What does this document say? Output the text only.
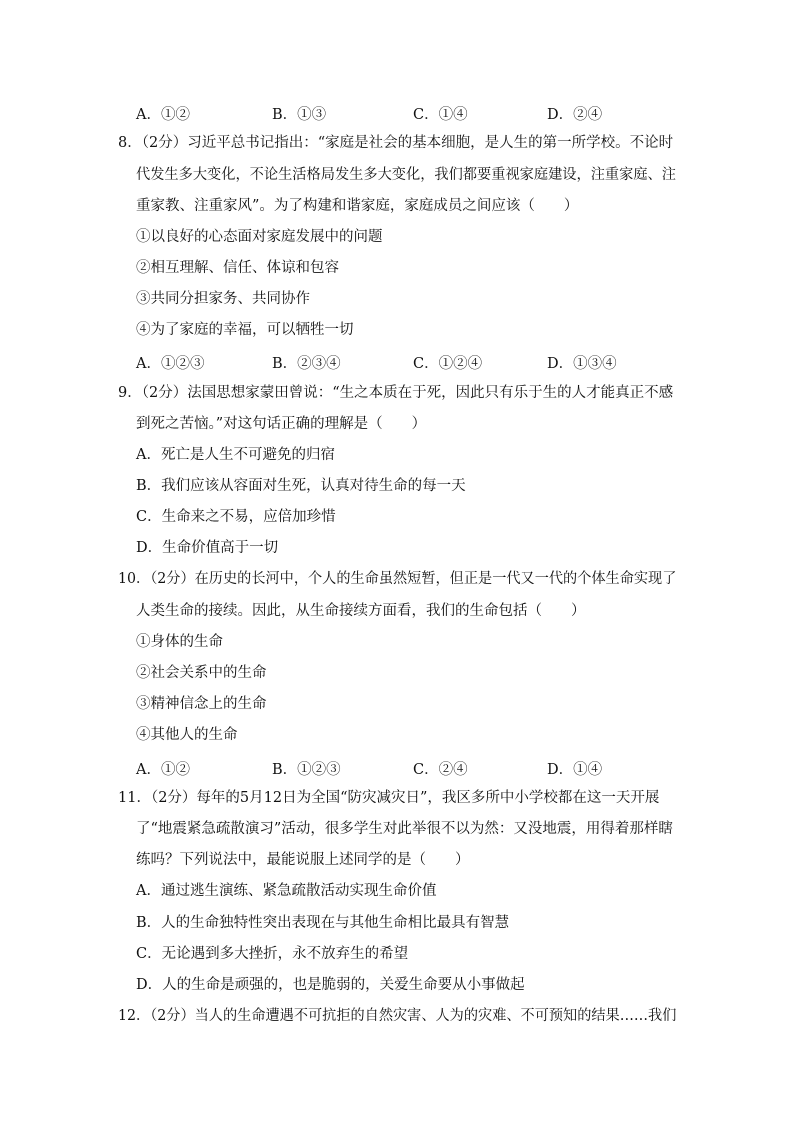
A．①②	B．①③	C．①④	D．②④
8．（2分）习近平总书记指出：“家庭是社会的基本细胞，是人生的第一所学校。不论时
代发生多大变化，不论生活格局发生多大变化，我们都要重视家庭建设，注重家庭、注
重家教、注重家风”。为了构建和谐家庭，家庭成员之间应该（　　）
①以良好的心态面对家庭发展中的问题
②相互理解、信任、体谅和包容
③共同分担家务、共同协作
④为了家庭的幸福，可以牺牲一切
A．①②③	B．②③④	C．①②④	D．①③④
9．（2分）法国思想家蒙田曾说：“生之本质在于死，因此只有乐于生的人才能真正不感
到死之苦恼。”对这句话正确的理解是（　　）
A．死亡是人生不可避免的归宿
B．我们应该从容面对生死，认真对待生命的每一天
C．生命来之不易，应倍加珍惜
D．生命价值高于一切
10．（2分）在历史的长河中，个人的生命虽然短暂，但正是一代又一代的个体生命实现了
人类生命的接续。因此，从生命接续方面看，我们的生命包括（　　）
①身体的生命
②社会关系中的生命
③精神信念上的生命
④其他人的生命
A．①②	B．①②③	C．②④	D．①④
11．（2分）每年的5月12日为全国“防灾减灾日”，我区多所中小学校都在这一天开展
了“地震紧急疏散演习”活动，很多学生对此举很不以为然：又没地震，用得着那样瞎
练吗？下列说法中，最能说服上述同学的是（　　）
A．通过逃生演练、紧急疏散活动实现生命价值
B．人的生命独特性突出表现在与其他生命相比最具有智慧
C．无论遇到多大挫折，永不放弃生的希望
D．人的生命是顽强的，也是脆弱的，关爱生命要从小事做起
12．（2分）当人的生命遭遇不可抗拒的自然灾害、人为的灾难、不可预知的结果……我们
